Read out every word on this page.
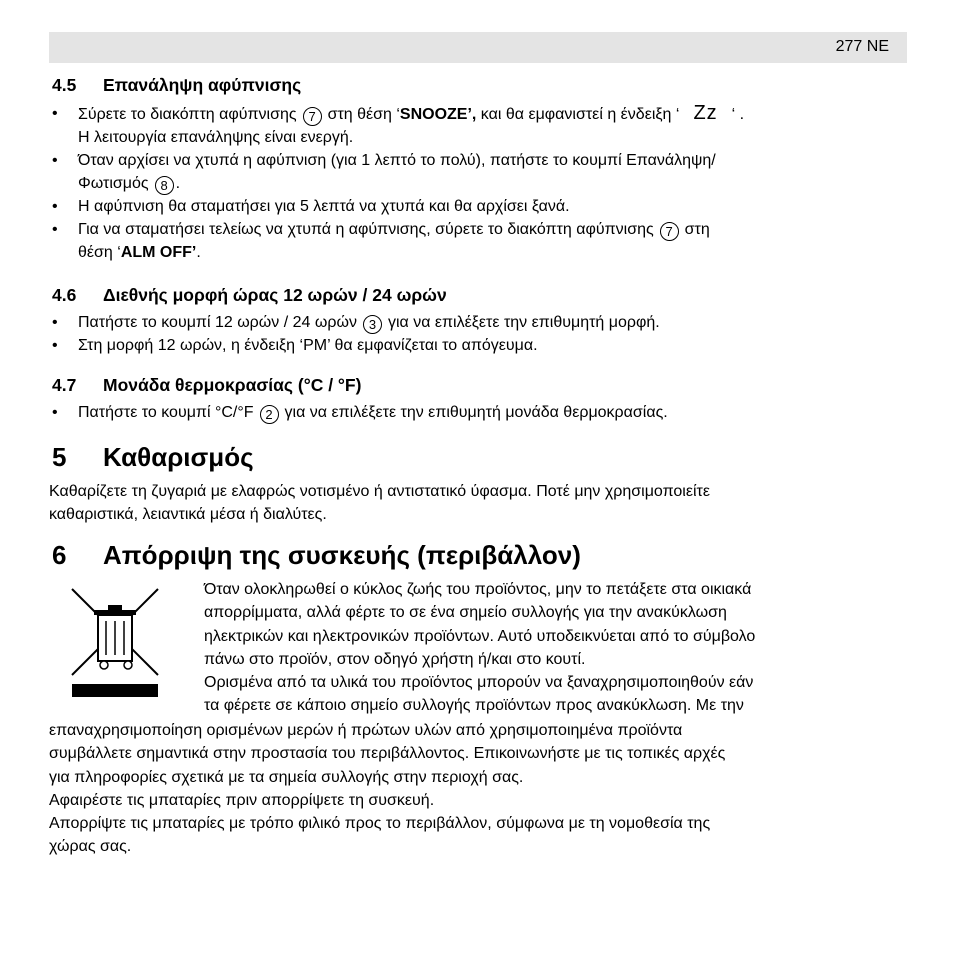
277 NE
4.5 Επανάληψη αφύπνισης
• Σύρετε το διακόπτη αφύπνισης 7 στη θέση ‘SNOOZE’, και θα εμφανιστεί η ένδειξη ‘ Zz ‘ .
Η λειτουργία επανάληψης είναι ενεργή.
• Όταν αρχίσει να χτυπά η αφύπνιση (για 1 λεπτό το πολύ), πατήστε το κουμπί Επανάληψη/
Φωτισμός 8 .
• Η αφύπνιση θα σταματήσει για 5 λεπτά να χτυπά και θα αρχίσει ξανά.
• Για να σταματήσει τελείως να χτυπά η αφύπνισης, σύρετε το διακόπτη αφύπνισης 7 στη
θέση ‘ALM OFF’.
4.6 Διεθνής μορφή ώρας 12 ωρών / 24 ωρών
• Πατήστε το κουμπί 12 ωρών / 24 ωρών 3 για να επιλέξετε την επιθυμητή μορφή.
• Στη μορφή 12 ωρών, η ένδειξη ‘PM’ θα εμφανίζεται το απόγευμα.
4.7 Μονάδα θερμοκρασίας (°C / °F)
• Πατήστε το κουμπί °C/°F 2 για να επιλέξετε την επιθυμητή μονάδα θερμοκρασίας.
5 Καθαρισμός
Καθαρίζετε τη ζυγαριά με ελαφρώς νοτισμένο ή αντιστατικό ύφασμα. Ποτέ μην χρησιμοποιείτε
καθαριστικά, λειαντικά μέσα ή διαλύτες.
6 Απόρριψη της συσκευής (περιβάλλον)
Όταν ολοκληρωθεί ο κύκλος ζωής του προϊόντος, μην το πετάξετε στα οικιακά
απορρίμματα, αλλά φέρτε το σε ένα σημείο συλλογής για την ανακύκλωση
ηλεκτρικών και ηλεκτρονικών προϊόντων. Αυτό υποδεικνύεται από το σύμβολο
πάνω στο προϊόν, στον οδηγό χρήστη ή/και στο κουτί.
Ορισμένα από τα υλικά του προϊόντος μπορούν να ξαναχρησιμοποιηθούν εάν
τα φέρετε σε κάποιο σημείο συλλογής προϊόντων προς ανακύκλωση. Με την
επαναχρησιμοποίηση ορισμένων μερών ή πρώτων υλών από χρησιμοποιημένα προϊόντα
συμβάλλετε σημαντικά στην προστασία του περιβάλλοντος. Επικοινωνήστε με τις τοπικές αρχές
για πληροφορίες σχετικά με τα σημεία συλλογής στην περιοχή σας.
Αφαιρέστε τις μπαταρίες πριν απορρίψετε τη συσκευή.
Απορρίψτε τις μπαταρίες με τρόπο φιλικό προς το περιβάλλον, σύμφωνα με τη νομοθεσία της
χώρας σας.
